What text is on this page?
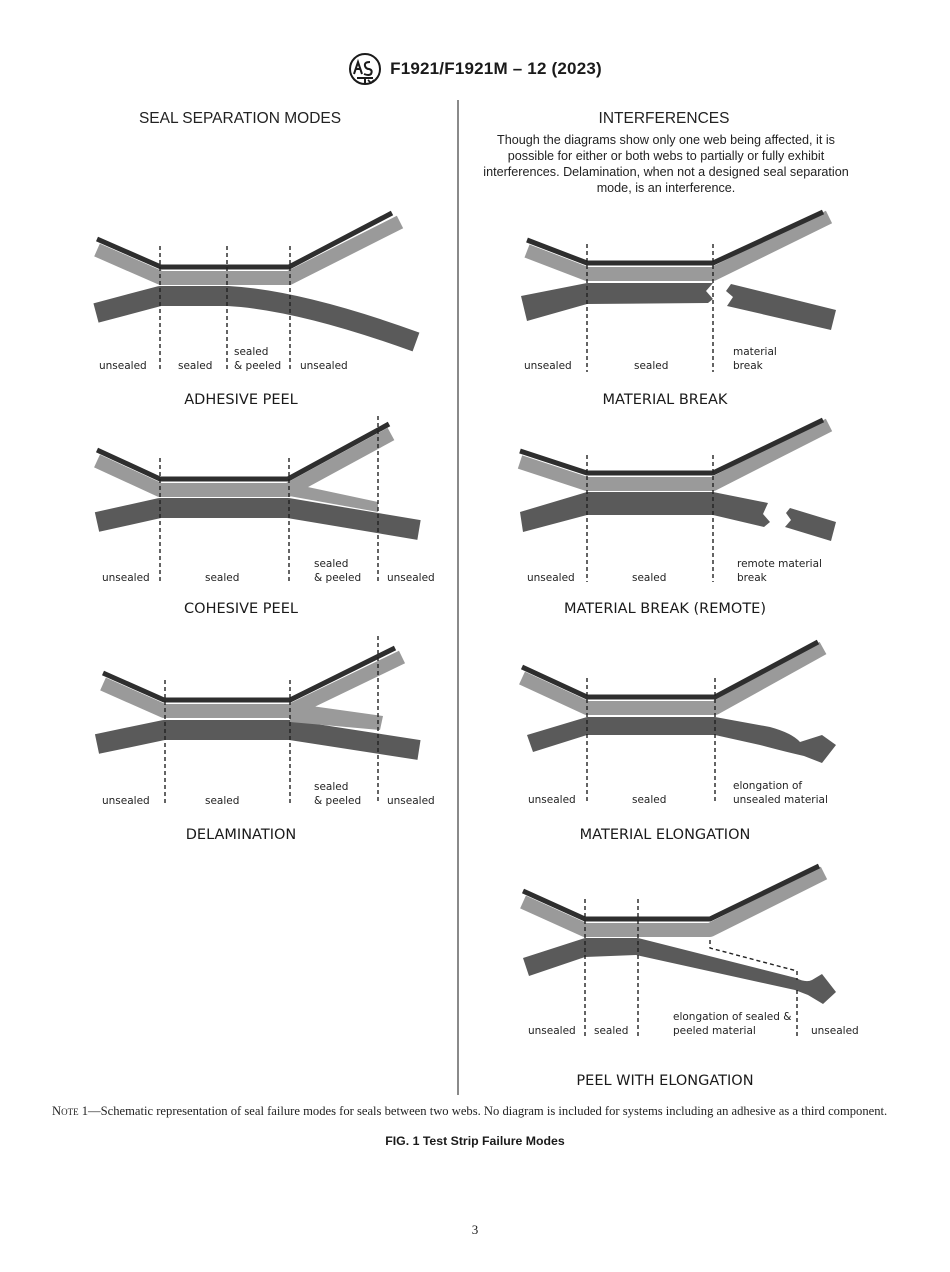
F1921/F1921M – 12 (2023)
SEAL SEPARATION MODES	INTERFERENCES
Though the diagrams show only one web being affected, it is possible for either or both webs to partially or fully exhibit interferences. Delamination, when not a designed seal separation mode, is an interference.
unsealed	sealed
sealed
& peeled unsealed
ADHESIVE PEEL
unsealed	sealed
sealed
& peeled unsealed
COHESIVE PEEL
unsealed	sealed
sealed
& peeled unsealed
DELAMINATION
unsealed	sealed
material
break
MATERIAL BREAK
unsealed	sealed
remote material
break
MATERIAL BREAK (REMOTE)
unsealed	sealed
elongation of
unsealed material
MATERIAL ELONGATION
unsealed sealed
elongation of sealed &
peeled material	unsealed
PEEL WITH ELONGATION
Note 1—Schematic representation of seal failure modes for seals between two webs. No diagram is included for systems including an adhesive as a third component.
FIG. 1 Test Strip Failure Modes
3
